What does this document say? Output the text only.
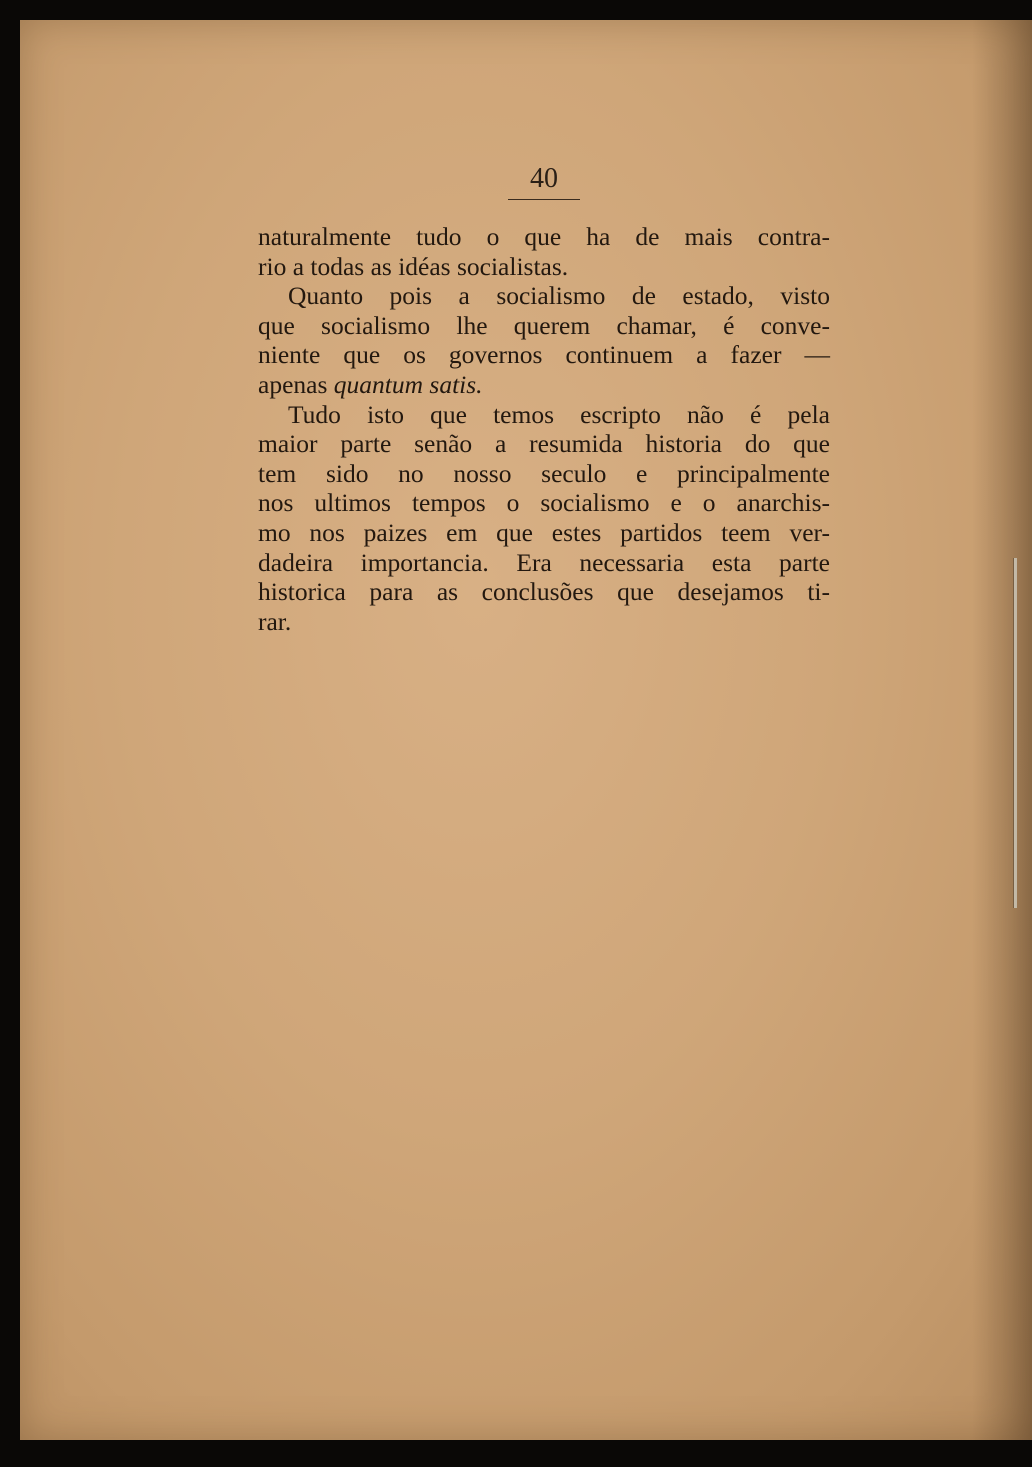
40
naturalmente tudo o que ha de mais contra-
rio a todas as idéas socialistas.
Quanto pois a socialismo de estado, visto
que socialismo lhe querem chamar, é conve-
niente que os governos continuem a fazer —
apenas quantum satis.
Tudo isto que temos escripto não é pela
maior parte senão a resumida historia do que
tem sido no nosso seculo e principalmente
nos ultimos tempos o socialismo e o anarchis-
mo nos paizes em que estes partidos teem ver-
dadeira importancia. Era necessaria esta parte
historica para as conclusões que desejamos ti-
rar.
